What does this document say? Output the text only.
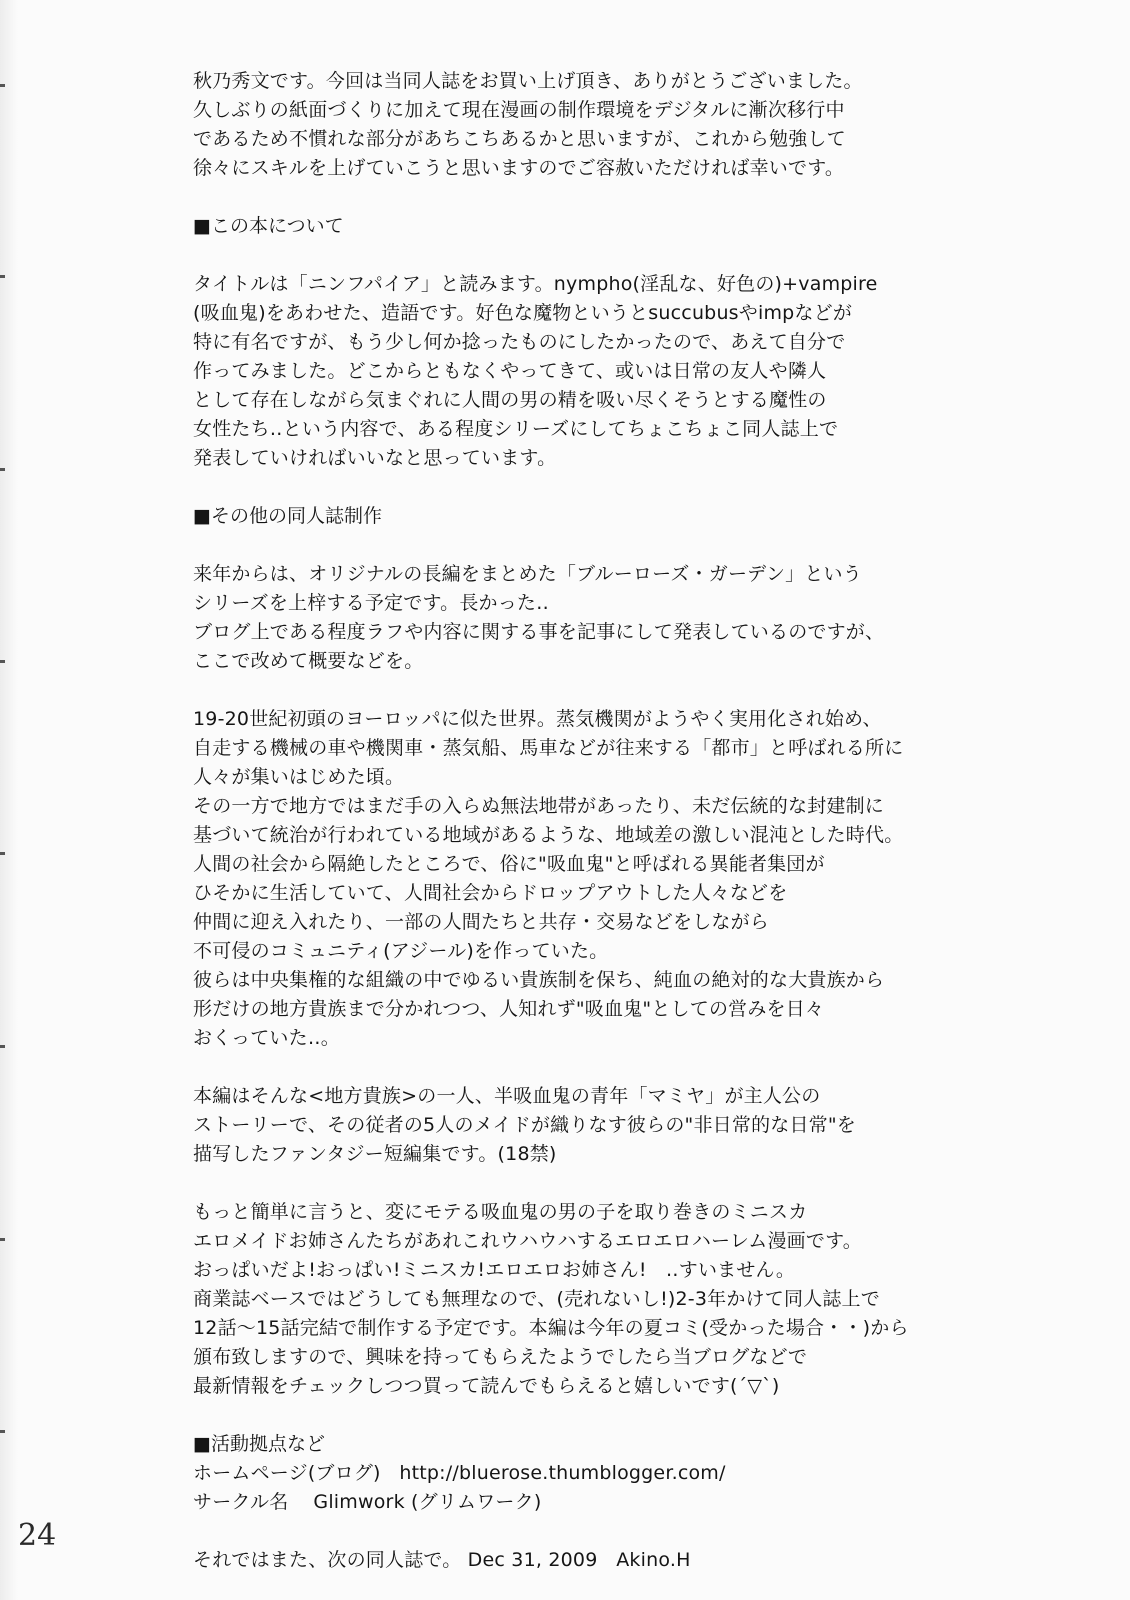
秋乃秀文です。今回は当同人誌をお買い上げ頂き、ありがとうございました。
久しぶりの紙面づくりに加えて現在漫画の制作環境をデジタルに漸次移行中
であるため不慣れな部分があちこちあるかと思いますが、これから勉強して
徐々にスキルを上げていこうと思いますのでご容赦いただければ幸いです。
■この本について
タイトルは「ニンフパイア」と読みます。nympho(淫乱な、好色の)+vampire
(吸血鬼)をあわせた、造語です。好色な魔物というとsuccubusやimpなどが
特に有名ですが、もう少し何か捻ったものにしたかったので、あえて自分で
作ってみました。どこからともなくやってきて、或いは日常の友人や隣人
として存在しながら気まぐれに人間の男の精を吸い尽くそうとする魔性の
女性たち‥という内容で、ある程度シリーズにしてちょこちょこ同人誌上で
発表していければいいなと思っています。
■その他の同人誌制作
来年からは、オリジナルの長編をまとめた「ブルーローズ・ガーデン」という
シリーズを上梓する予定です。長かった‥
ブログ上である程度ラフや内容に関する事を記事にして発表しているのですが、
ここで改めて概要などを。
19-20世紀初頭のヨーロッパに似た世界。蒸気機関がようやく実用化され始め、
自走する機械の車や機関車・蒸気船、馬車などが往来する「都市」と呼ばれる所に
人々が集いはじめた頃。
その一方で地方ではまだ手の入らぬ無法地帯があったり、未だ伝統的な封建制に
基づいて統治が行われている地域があるような、地域差の激しい混沌とした時代。
人間の社会から隔絶したところで、俗に"吸血鬼"と呼ばれる異能者集団が
ひそかに生活していて、人間社会からドロップアウトした人々などを
仲間に迎え入れたり、一部の人間たちと共存・交易などをしながら
不可侵のコミュニティ(アジール)を作っていた。
彼らは中央集権的な組織の中でゆるい貴族制を保ち、純血の絶対的な大貴族から
形だけの地方貴族まで分かれつつ、人知れず"吸血鬼"としての営みを日々
おくっていた‥。
本編はそんな<地方貴族>の一人、半吸血鬼の青年「マミヤ」が主人公の
ストーリーで、その従者の5人のメイドが織りなす彼らの"非日常的な日常"を
描写したファンタジー短編集です。(18禁)
もっと簡単に言うと、変にモテる吸血鬼の男の子を取り巻きのミニスカ
エロメイドお姉さんたちがあれこれウハウハするエロエロハーレム漫画です。
おっぱいだよ!おっぱい!ミニスカ!エロエロお姉さん!　‥すいません。
商業誌ベースではどうしても無理なので、(売れないし!)2-3年かけて同人誌上で
12話～15話完結で制作する予定です。本編は今年の夏コミ(受かった場合・・)から
頒布致しますので、興味を持ってもらえたようでしたら当ブログなどで
最新情報をチェックしつつ買って読んでもらえると嬉しいです(´▽`)
■活動拠点など
ホームページ(ブログ) http://bluerose.thumblogger.com/
サークル名 Glimwork (グリムワーク)
それではまた、次の同人誌で。 Dec 31, 2009 Akino.H
24
